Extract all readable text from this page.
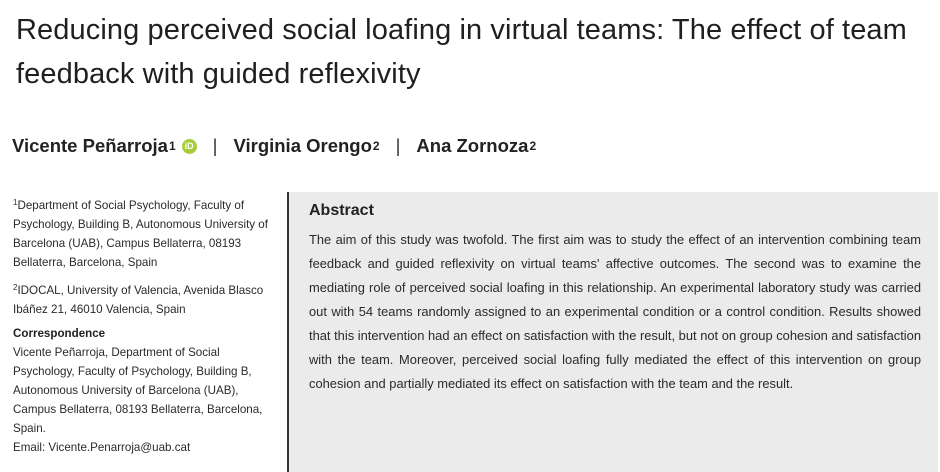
Reducing perceived social loafing in virtual teams: The effect of team feedback with guided reflexivity
Vicente Peñarroja 1	iD | Virginia Orengo 2 | Ana Zornoza 2

$^1$Department of Social Psychology, Faculty of Psychology, Building B, Autonomous University of Barcelona (UAB), Campus Bellaterra, 08193 Bellaterra, Barcelona, Spain

$^2$IDOCAL, University of Valencia, Avenida Blasco Ibáñez 21, 46010 Valencia, Spain

Correspondence

Vicente Peñarroja, Department of Social Psychology, Faculty of Psychology, Building B, Autonomous University of Barcelona (UAB), Campus Bellaterra, 08193 Bellaterra, Barcelona, Spain.

Email: Vicente.Penarroja@uab.cat

Abstract

The aim of this study was twofold. The first aim was to study the effect of an intervention combining team feedback and guided reflexivity on virtual teams' affective outcomes. The second was to examine the mediating role of perceived social loafing in this relationship. An experimental laboratory study was carried out with 54 teams randomly assigned to an experimental condition or a control condition. Results showed that this intervention had an effect on satisfaction with the result, but not on group cohesion and satisfaction with the team. Moreover, perceived social loafing fully mediated the effect of this intervention on group cohesion and partially mediated its effect on satisfaction with the team and the result.
